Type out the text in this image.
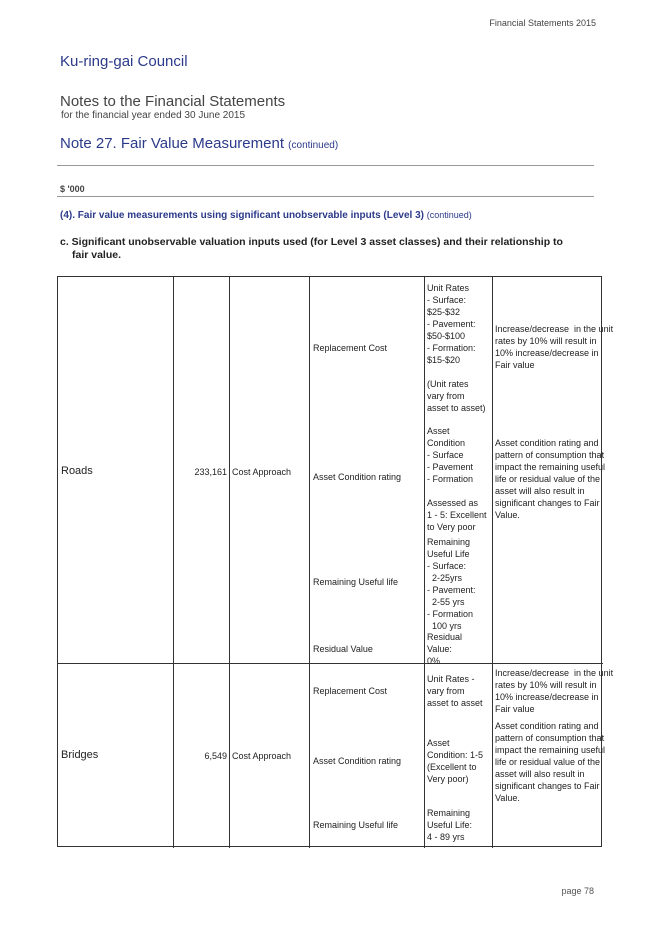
Financial Statements 2015
Ku-ring-gai Council
Notes to the Financial Statements
for the financial year ended 30 June 2015
Note 27. Fair Value Measurement (continued)
$ '000
(4). Fair value measurements using significant unobservable inputs (Level 3) (continued)
c. Significant unobservable valuation inputs used (for Level 3 asset classes) and their relationship to
fair value.
Roads	233,161 Cost Approach
Replacement Cost
Unit Rates
- Surface:
$25-$32
- Pavement:
$50-$100
- Formation:
$15-$20
(Unit rates
vary from
asset to asset)
Increase/decrease  in the unit
rates by 10% will result in
10% increase/decrease in
Fair value
Asset Condition rating
Asset
Condition
- Surface
- Pavement
- Formation
Assessed as
1 - 5: Excellent
to Very poor
Asset condition rating and
pattern of consumption that
impact the remaining useful
life or residual value of the
asset will also result in
significant changes to Fair
Value.
Remaining Useful life
Remaining
Useful Life
- Surface:
2-25yrs
- Pavement:
2-55 yrs
- Formation
100 yrs
Residual Value
Residual
Value:
0%
Bridges	6,549 Cost Approach
Replacement Cost
Unit Rates -
vary from
asset to asset
Increase/decrease  in the unit
rates by 10% will result in
10% increase/decrease in
Fair value
Asset Condition rating
Asset
Condition: 1-5
(Excellent to
Very poor)
Asset condition rating and
pattern of consumption that
impact the remaining useful
life or residual value of the
asset will also result in
significant changes to Fair
Value.
Remaining Useful life
Remaining
Useful Life:
4 - 89 yrs
page 78
